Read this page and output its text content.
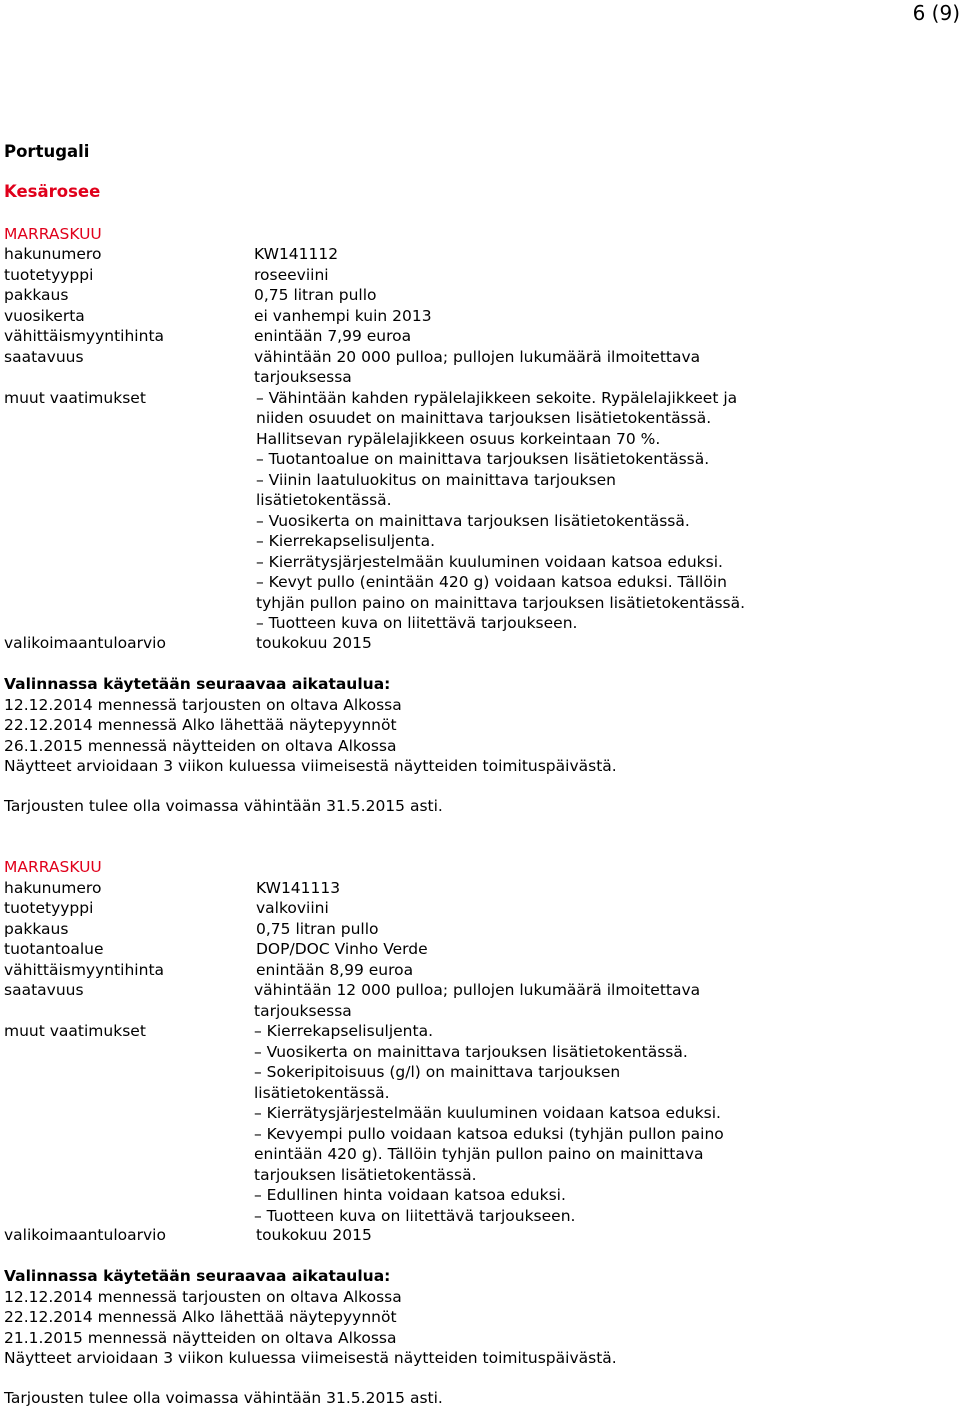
6 (9)
Portugali
Kesärosee
MARRASKUU
hakunumero	KW141112
tuotetyyppi	roseeviini
pakkaus	0,75 litran pullo
vuosikerta	ei vanhempi kuin 2013
vähittäismyyntihinta	enintään 7,99 euroa
saatavuus	vähintään 20 000 pulloa; pullojen lukumäärä ilmoitettava
tarjouksessa
muut vaatimukset	– Vähintään kahden rypälelajikkeen sekoite. Rypälelajikkeet ja
niiden osuudet on mainittava tarjouksen lisätietokentässä.
Hallitsevan rypälelajikkeen osuus korkeintaan 70 %.
– Tuotantoalue on mainittava tarjouksen lisätietokentässä.
– Viinin laatuluokitus on mainittava tarjouksen
lisätietokentässä.
– Vuosikerta on mainittava tarjouksen lisätietokentässä.
– Kierrekapselisuljenta.
– Kierrätysjärjestelmään kuuluminen voidaan katsoa eduksi.
– Kevyt pullo (enintään 420 g) voidaan katsoa eduksi. Tällöin
tyhjän pullon paino on mainittava tarjouksen lisätietokentässä.
– Tuotteen kuva on liitettävä tarjoukseen.
valikoimaantuloarvio	toukokuu 2015
Valinnassa käytetään seuraavaa aikataulua:
12.12.2014 mennessä tarjousten on oltava Alkossa
22.12.2014 mennessä Alko lähettää näytepyynnöt
26.1.2015 mennessä näytteiden on oltava Alkossa
Näytteet arvioidaan 3 viikon kuluessa viimeisestä näytteiden toimituspäivästä.
Tarjousten tulee olla voimassa vähintään 31.5.2015 asti.
MARRASKUU
hakunumero	KW141113
tuotetyyppi	valkoviini
pakkaus	0,75 litran pullo
tuotantoalue	DOP/DOC Vinho Verde
vähittäismyyntihinta	enintään 8,99 euroa
saatavuus	vähintään 12 000 pulloa; pullojen lukumäärä ilmoitettava
tarjouksessa
muut vaatimukset	– Kierrekapselisuljenta.
– Vuosikerta on mainittava tarjouksen lisätietokentässä.
– Sokeripitoisuus (g/l) on mainittava tarjouksen
lisätietokentässä.
– Kierrätysjärjestelmään kuuluminen voidaan katsoa eduksi.
– Kevyempi pullo voidaan katsoa eduksi (tyhjän pullon paino
enintään 420 g). Tällöin tyhjän pullon paino on mainittava
tarjouksen lisätietokentässä.
– Edullinen hinta voidaan katsoa eduksi.
– Tuotteen kuva on liitettävä tarjoukseen.
valikoimaantuloarvio	toukokuu 2015
Valinnassa käytetään seuraavaa aikataulua:
12.12.2014 mennessä tarjousten on oltava Alkossa
22.12.2014 mennessä Alko lähettää näytepyynnöt
21.1.2015 mennessä näytteiden on oltava Alkossa
Näytteet arvioidaan 3 viikon kuluessa viimeisestä näytteiden toimituspäivästä.
Tarjousten tulee olla voimassa vähintään 31.5.2015 asti.
